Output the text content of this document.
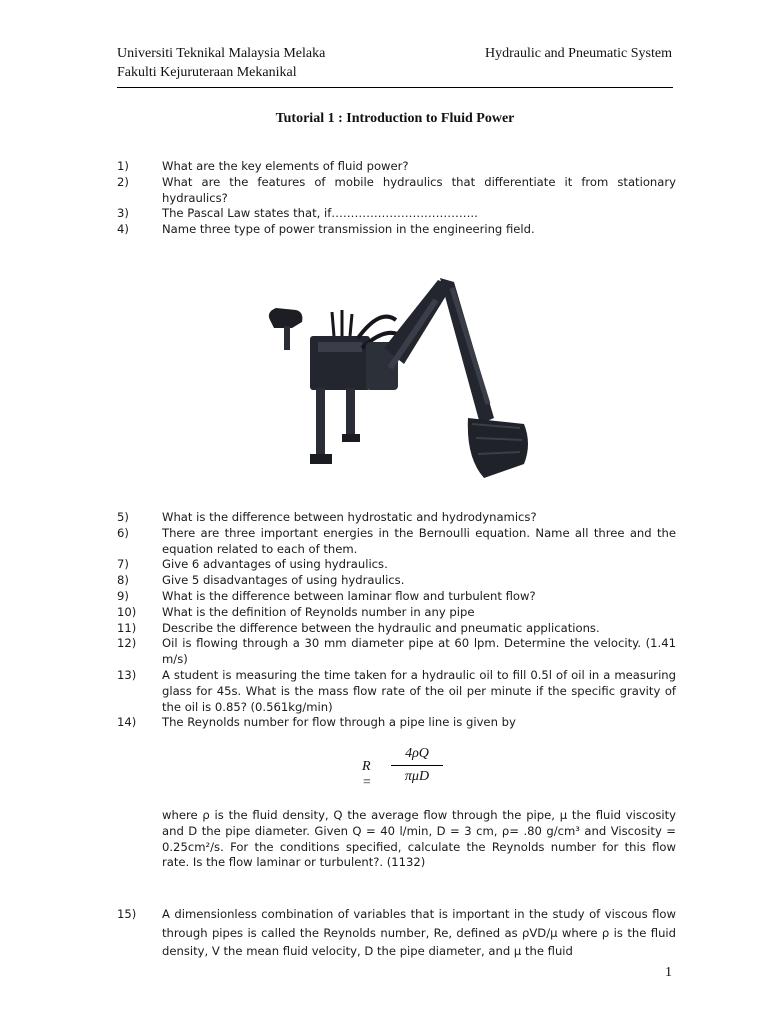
Universiti Teknikal Malaysia Melaka
Fakulti Kejuruteraan Mekanikal
Hydraulic and Pneumatic System
Tutorial 1 : Introduction to Fluid Power
1)	What are the key elements of fluid power?
2)	What are the features of mobile hydraulics that differentiate it from stationary hydraulics?
3)	The Pascal Law states that, if………………………………..
4)	Name three type of power transmission in the engineering field.
5)	What is the difference between hydrostatic and hydrodynamics?
6)	There are three important energies in the Bernoulli equation. Name all three and the equation related to each of them.
7)	Give 6 advantages of using hydraulics.
8)	Give 5 disadvantages of using hydraulics.
9)	What is the difference between laminar flow and turbulent flow?
10) What is the definition of Reynolds number in any pipe
11) Describe the difference between the hydraulic and pneumatic applications.
12) Oil is flowing through a 30 mm diameter pipe at 60 lpm. Determine the velocity. (1.41 m/s)
13) A student is measuring the time taken for a hydraulic oil to fill 0.5l of oil in a measuring glass for 45s. What is the mass flow rate of the oil per minute if the specific gravity of the oil is 0.85? (0.561kg/min)
14) The Reynolds number for flow through a pipe line is given by
R =
4ρQ
πμD
where ρ is the fluid density, Q the average flow through the pipe, μ the fluid viscosity and D the pipe diameter. Given Q = 40 l/min, D = 3 cm, ρ= .80 g/cm³ and Viscosity = 0.25cm²/s. For the conditions specified, calculate the Reynolds number for this flow rate. Is the flow laminar or turbulent?. (1132)
15) A dimensionless combination of variables that is important in the study of viscous flow through pipes is called the Reynolds number, Re, defined as ρVD/μ where ρ is the fluid density, V the mean fluid velocity, D the pipe diameter, and μ the fluid
1
